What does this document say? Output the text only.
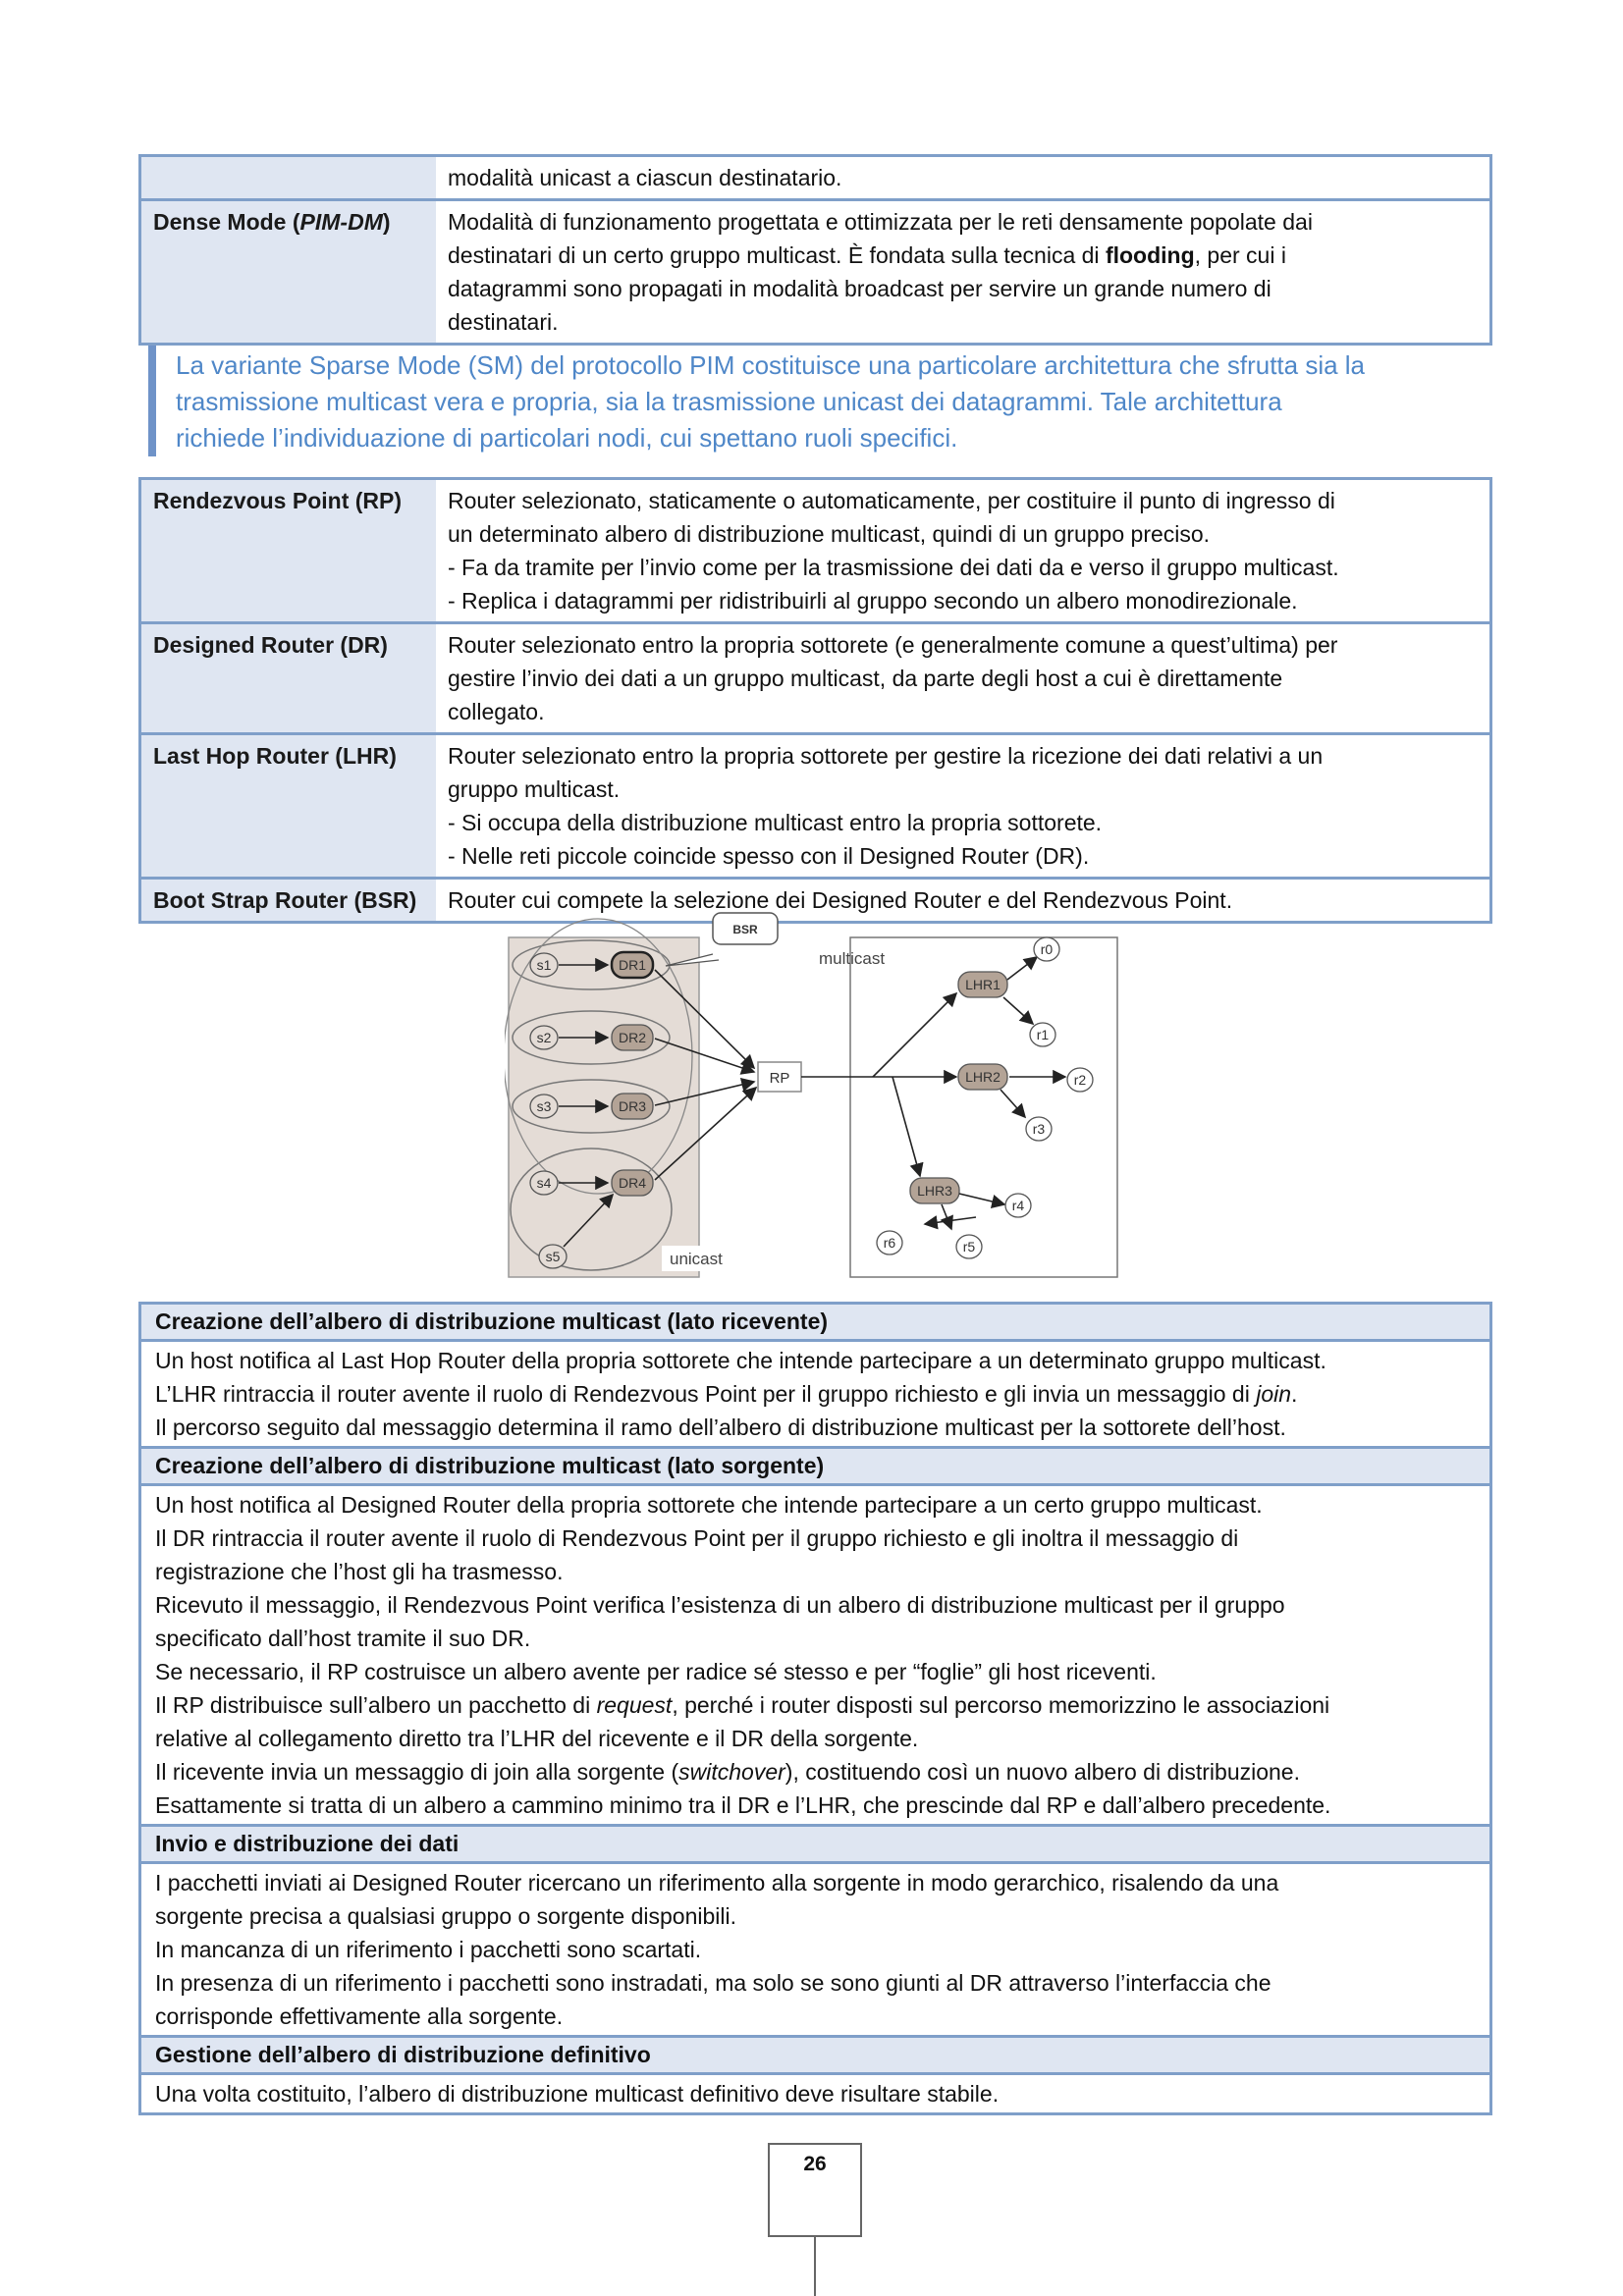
modalità unicast a ciascun destinatario.
Dense Mode (PIM-DM)	Modalità di funzionamento progettata e ottimizzata per le reti densamente popolate dai
destinatari di un certo gruppo multicast. È fondata sulla tecnica di flooding, per cui i
datagrammi sono propagati in modalità broadcast per servire un grande numero di
destinatari.
La variante Sparse Mode (SM) del protocollo PIM costituisce una particolare architettura che sfrutta sia la
trasmissione multicast vera e propria, sia la trasmissione unicast dei datagrammi. Tale architettura
richiede l’individuazione di particolari nodi, cui spettano ruoli specifici.
Rendezvous Point (RP)	Router selezionato, staticamente o automaticamente, per costituire il punto di ingresso di
un determinato albero di distribuzione multicast, quindi di un gruppo preciso.
- Fa da tramite per l’invio come per la trasmissione dei dati da e verso il gruppo multicast.
- Replica i datagrammi per ridistribuirli al gruppo secondo un albero monodirezionale.
Designed Router (DR)	Router selezionato entro la propria sottorete (e generalmente comune a quest’ultima) per
gestire l’invio dei dati a un gruppo multicast, da parte degli host a cui è direttamente
collegato.
Last Hop Router (LHR)	Router selezionato entro la propria sottorete per gestire la ricezione dei dati relativi a un
gruppo multicast.
- Si occupa della distribuzione multicast entro la propria sottorete.
- Nelle reti piccole coincide spesso con il Designed Router (DR).
Boot Strap Router (BSR)	Router cui compete la selezione dei Designed Router e del Rendezvous Point.
BSR
s1
s2
s3
s4
s5
DR1
DR2
DR3
DR4
RP
multicast
unicast
LHR1
LHR2
LHR3
r0
r1
r2
r3
r4
r5
r6
Creazione dell’albero di distribuzione multicast (lato ricevente)
Un host notifica al Last Hop Router della propria sottorete che intende partecipare a un determinato gruppo multicast.
L’LHR rintraccia il router avente il ruolo di Rendezvous Point per il gruppo richiesto e gli invia un messaggio di join.
Il percorso seguito dal messaggio determina il ramo dell’albero di distribuzione multicast per la sottorete dell’host.
Creazione dell’albero di distribuzione multicast (lato sorgente)
Un host notifica al Designed Router della propria sottorete che intende partecipare a un certo gruppo multicast.
Il DR rintraccia il router avente il ruolo di Rendezvous Point per il gruppo richiesto e gli inoltra il messaggio di
registrazione che l’host gli ha trasmesso.
Ricevuto il messaggio, il Rendezvous Point verifica l’esistenza di un albero di distribuzione multicast per il gruppo
specificato dall’host tramite il suo DR.
Se necessario, il RP costruisce un albero avente per radice sé stesso e per “foglie” gli host riceventi.
Il RP distribuisce sull’albero un pacchetto di request, perché i router disposti sul percorso memorizzino le associazioni
relative al collegamento diretto tra l’LHR del ricevente e il DR della sorgente.
Il ricevente invia un messaggio di join alla sorgente (switchover), costituendo così un nuovo albero di distribuzione.
Esattamente si tratta di un albero a cammino minimo tra il DR e l’LHR, che prescinde dal RP e dall’albero precedente.
Invio e distribuzione dei dati
I pacchetti inviati ai Designed Router ricercano un riferimento alla sorgente in modo gerarchico, risalendo da una
sorgente precisa a qualsiasi gruppo o sorgente disponibili.
In mancanza di un riferimento i pacchetti sono scartati.
In presenza di un riferimento i pacchetti sono instradati, ma solo se sono giunti al DR attraverso l’interfaccia che
corrisponde effettivamente alla sorgente.
Gestione dell’albero di distribuzione definitivo
Una volta costituito, l’albero di distribuzione multicast definitivo deve risultare stabile.
26
